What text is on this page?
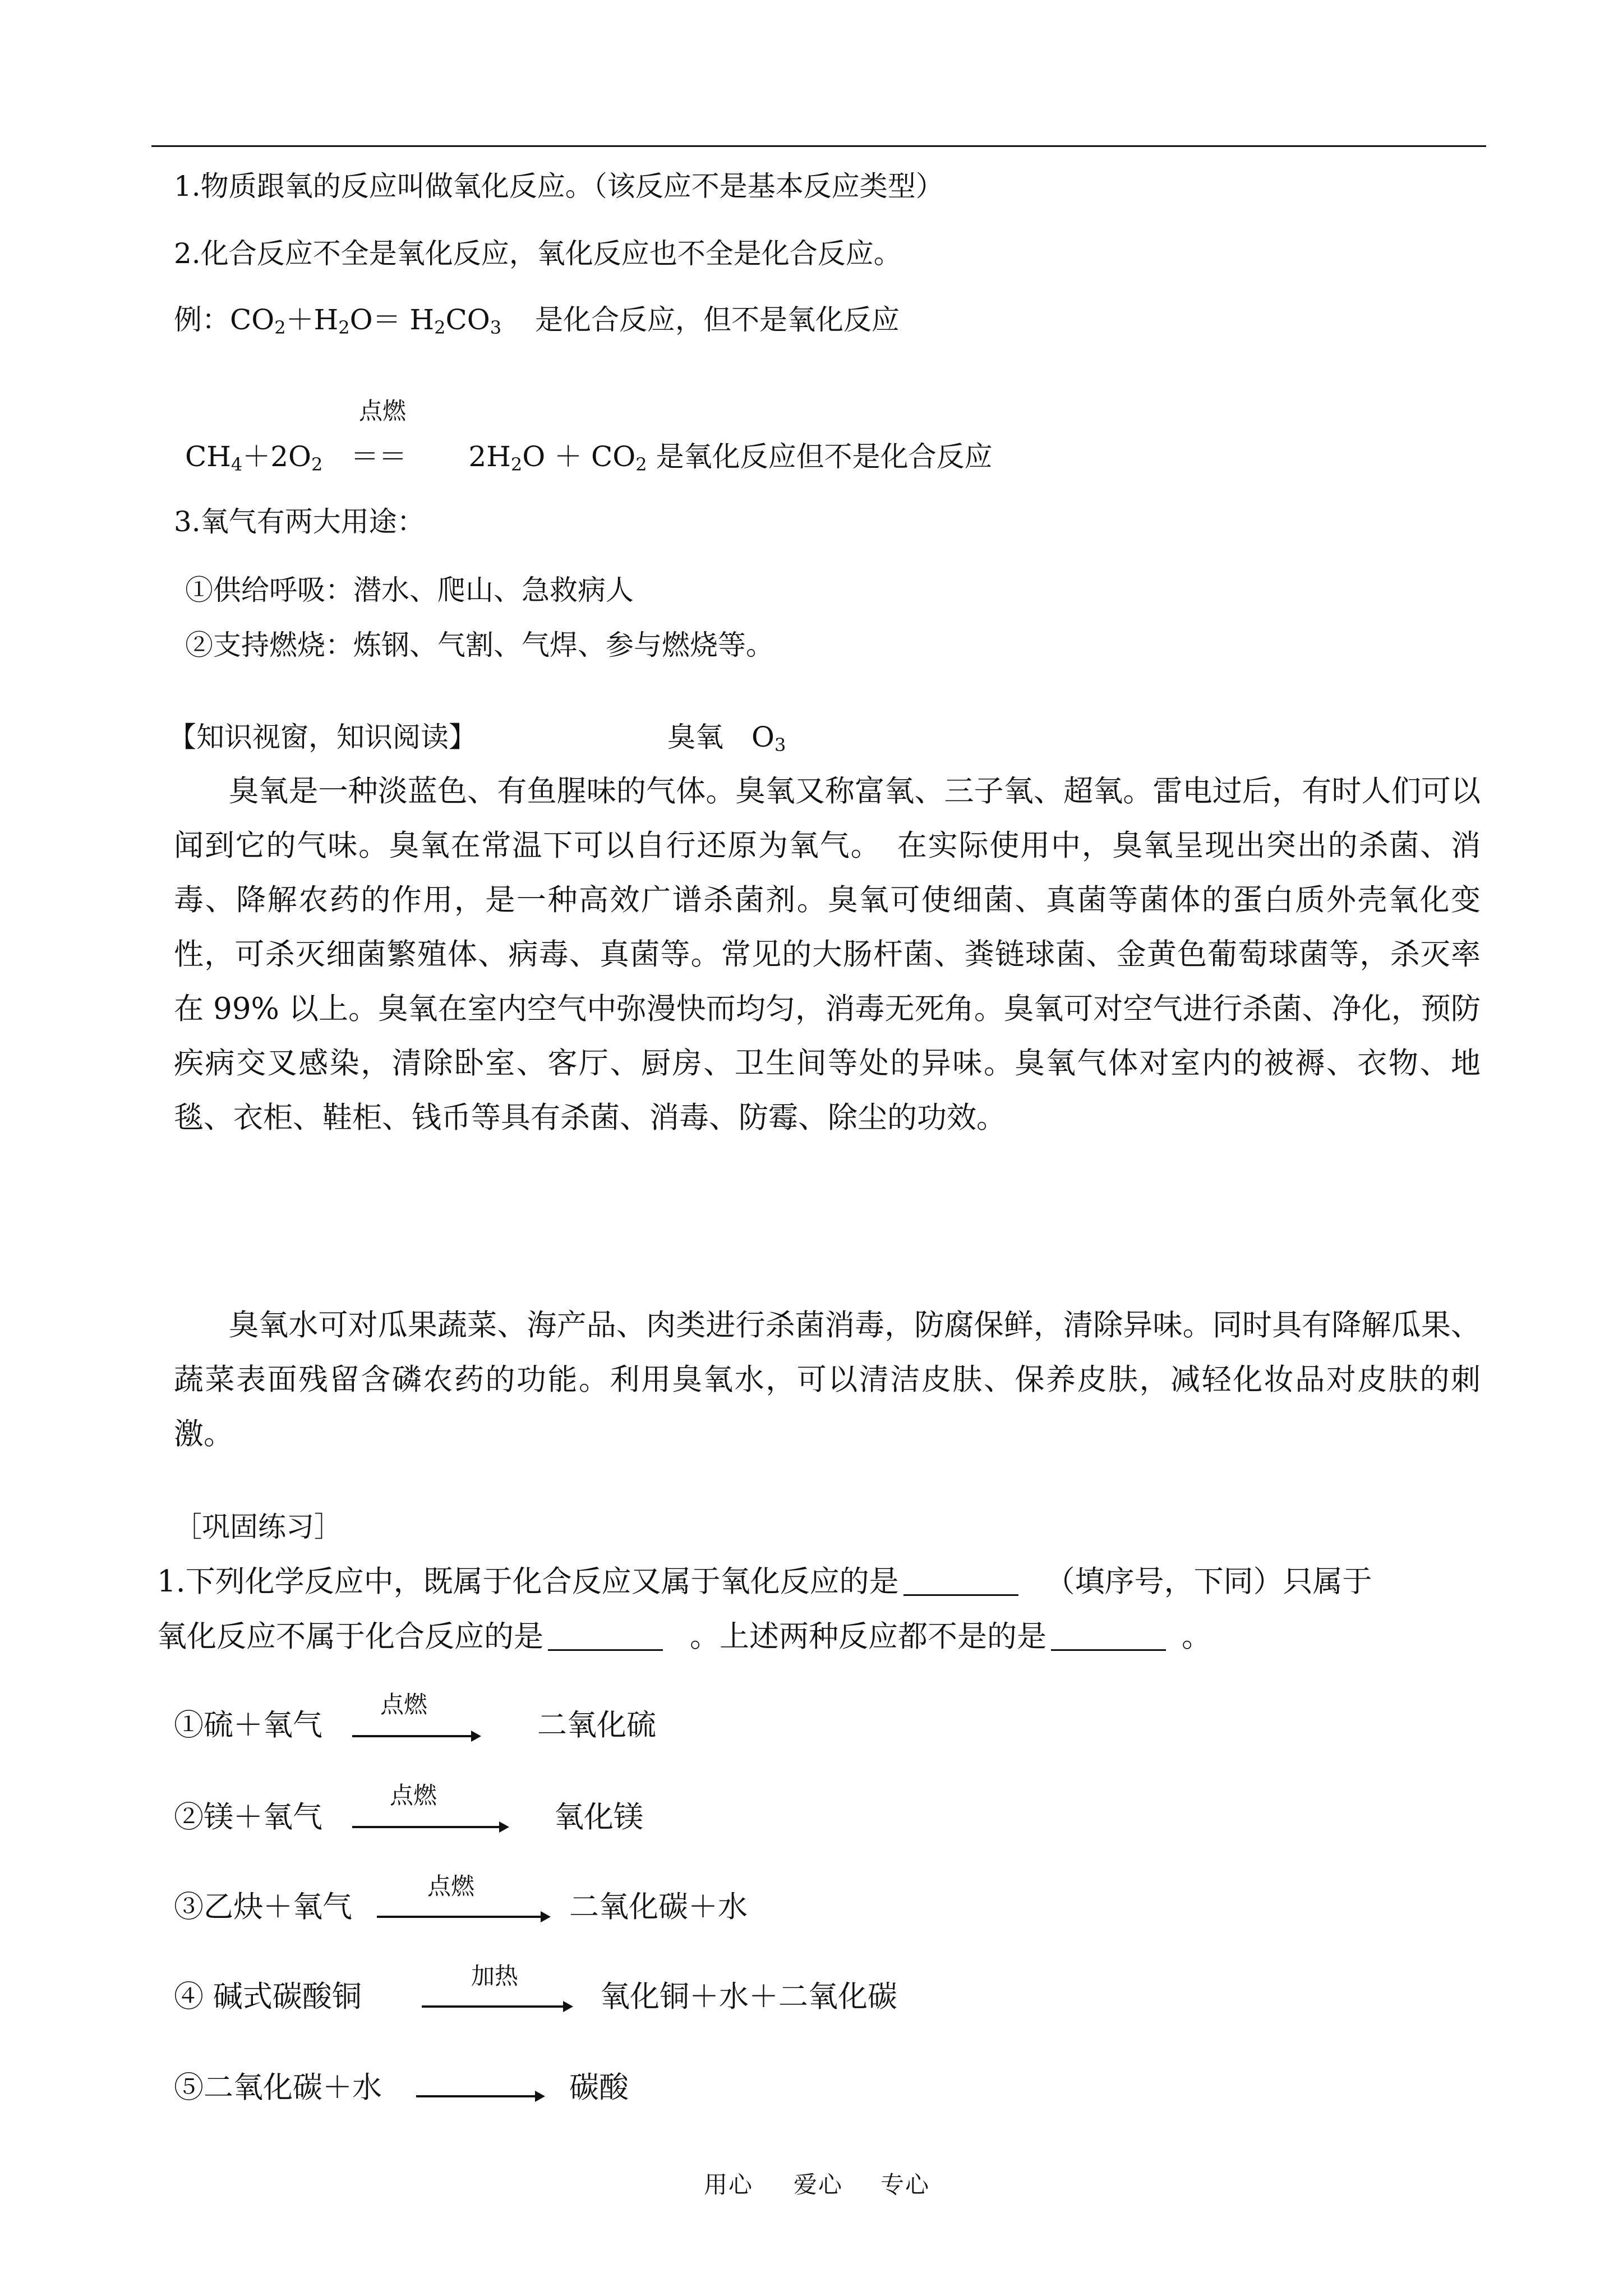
1.物质跟氧的反应叫做氧化反应。（该反应不是基本反应类型）
2.化合反应不全是氧化反应，氧化反应也不全是化合反应。
例：$CO_2+H_2O= H_2CO_3$ 是化合反应，但不是氧化反应
点燃
$CH_4+2O_2 == 2H_2O + CO_2$ 是氧化反应但不是化合反应
3.氧气有两大用途：
①供给呼吸：潜水、爬山、急救病人
②支持燃烧：炼钢、气割、气焊、参与燃烧等。
【知识视窗，知识阅读】	臭氧 $O_3$
臭氧是一种淡蓝色、有鱼腥味的气体。臭氧又称富氧、三子氧、超氧。雷电过后，有时人们可以闻到它的气味。臭氧在常温下可以自行还原为氧气。　在实际使用中，臭氧呈现出突出的杀菌、消毒、降解农药的作用，是一种高效广谱杀菌剂。臭氧可使细菌、真菌等菌体的蛋白质外壳氧化变性，可杀灭细菌繁殖体、病毒、真菌等。常见的大肠杆菌、粪链球菌、金黄色葡萄球菌等，杀灭率在 99% 以上。臭氧在室内空气中弥漫快而均匀，消毒无死角。臭氧可对空气进行杀菌、净化，预防疾病交叉感染，清除卧室、客厅、厨房、卫生间等处的异味。臭氧气体对室内的被褥、衣物、地毯、衣柜、鞋柜、钱币等具有杀菌、消毒、防霉、除尘的功效。
臭氧水可对瓜果蔬菜、海产品、肉类进行杀菌消毒，防腐保鲜，清除异味。同时具有降解瓜果、蔬菜表面残留含磷农药的功能。利用臭氧水，可以清洁皮肤、保养皮肤，减轻化妆品对皮肤的刺激。
［巩固练习］
1.下列化学反应中，既属于化合反应又属于氧化反应的是	（填序号，下同）只属于
氧化反应不属于化合反应的是	。上述两种反应都不是的是	。
①硫＋氧气
点燃
二氧化硫
②镁＋氧气
点燃
氧化镁
③乙炔＋氧气
点燃
二氧化碳＋水
④ 碱式碳酸铜
加热
氧化铜＋水＋二氧化碳
⑤二氧化碳＋水	碳酸
用心 爱心 专心
